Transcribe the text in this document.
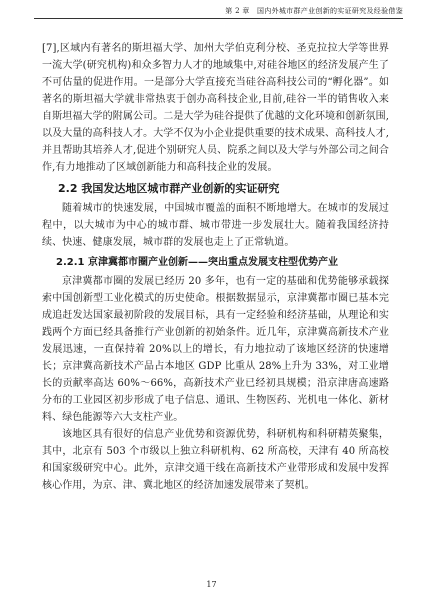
第 2 章　国内外城市群产业创新的实证研究及经验借鉴

[7],区域内有著名的斯坦福大学、加州大学伯克利分校、圣克拉拉大学等世界一流大学(研究机构)和众多智力人才的地域集中,对硅谷地区的经济发展产生了不可估量的促进作用。一是部分大学直接充当硅谷高科技公司的“孵化器”。如著名的斯坦福大学就非常热衷于创办高科技企业,目前,硅谷一半的销售收入来自斯坦福大学的附属公司。二是大学为硅谷提供了优越的文化环境和创新氛围,以及大量的高科技人才。大学不仅为小企业提供重要的技术成果、高科技人才,并且帮助其培养人才,促进个别研究人员、院系之间以及大学与外部公司之间合作,有力地推动了区域创新能力和高科技企业的发展。

2.2 我国发达地区城市群产业创新的实证研究

随着城市的快速发展，中国城市覆盖的面积不断地增大。在城市的发展过程中，以大城市为中心的城市群、城市带进一步发展壮大。随着我国经济持续、快速、健康发展，城市群的发展也走上了正常轨道。

2.2.1 京津冀都市圈产业创新——突出重点发展支柱型优势产业

京津冀都市圈的发展已经历 20 多年，也有一定的基础和优势能够承载探索中国创新型工业化模式的历史使命。根据数据显示，京津冀都市圈已基本完成追赶发达国家最初阶段的发展目标，具有一定经验和经济基础，从理论和实践两个方面已经具备推行产业创新的初始条件。近几年，京津冀高新技术产业发展迅速，一直保持着 20%以上的增长，有力地拉动了该地区经济的快速增长；京津冀高新技术产品占本地区 GDP 比重从 28%上升为 33%，对工业增长的贡献率高达 60%～66%，高新技术产业已经初具规模；沿京津唐高速路分布的工业园区初步形成了电子信息、通讯、生物医药、光机电一体化、新材料、绿色能源等六大支柱产业。

该地区具有很好的信息产业优势和资源优势，科研机构和科研精英聚集，其中，北京有 503 个市级以上独立科研机构、62 所高校，天津有 40 所高校和国家级研究中心。此外，京津交通干线在高新技术产业带形成和发展中发挥核心作用，为京、津、冀北地区的经济加速发展带来了契机。

17
